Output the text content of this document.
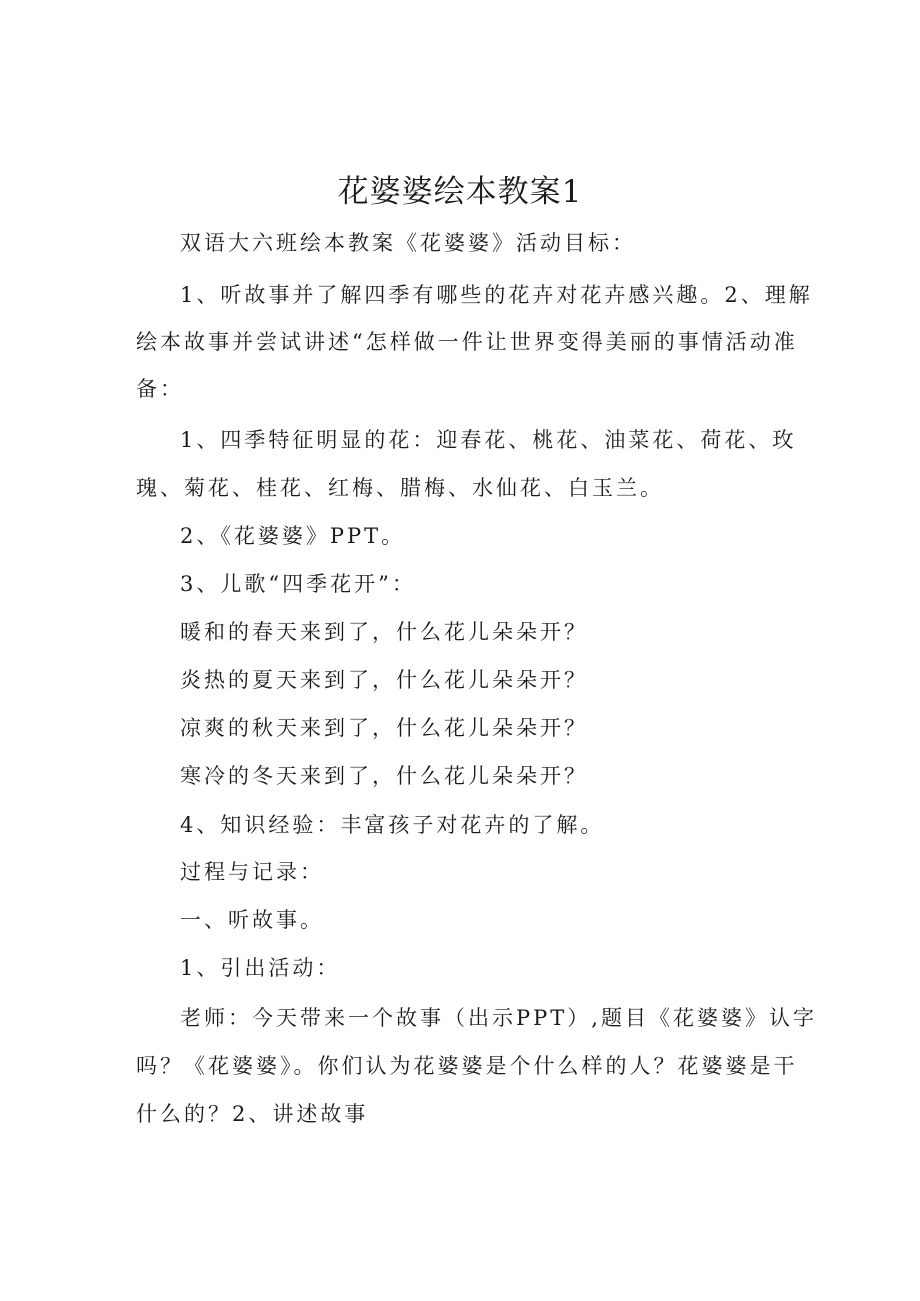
花婆婆绘本教案1
双语大六班绘本教案《花婆婆》活动目标：
1、听故事并了解四季有哪些的花卉对花卉感兴趣。2、理解
绘本故事并尝试讲述“怎样做一件让世界变得美丽的事情活动准
备：
1、四季特征明显的花：迎春花、桃花、油菜花、荷花、玫
瑰、菊花、桂花、红梅、腊梅、水仙花、白玉兰。
2、《花婆婆》PPT。
3、儿歌“四季花开”：
暖和的春天来到了，什么花儿朵朵开？
炎热的夏天来到了，什么花儿朵朵开？
凉爽的秋天来到了，什么花儿朵朵开？
寒冷的冬天来到了，什么花儿朵朵开？
4、知识经验：丰富孩子对花卉的了解。
过程与记录：
一、听故事。
1、引出活动：
老师：今天带来一个故事（出示PPT）,题目《花婆婆》认字
吗？《花婆婆》。你们认为花婆婆是个什么样的人？花婆婆是干
什么的？2、讲述故事
